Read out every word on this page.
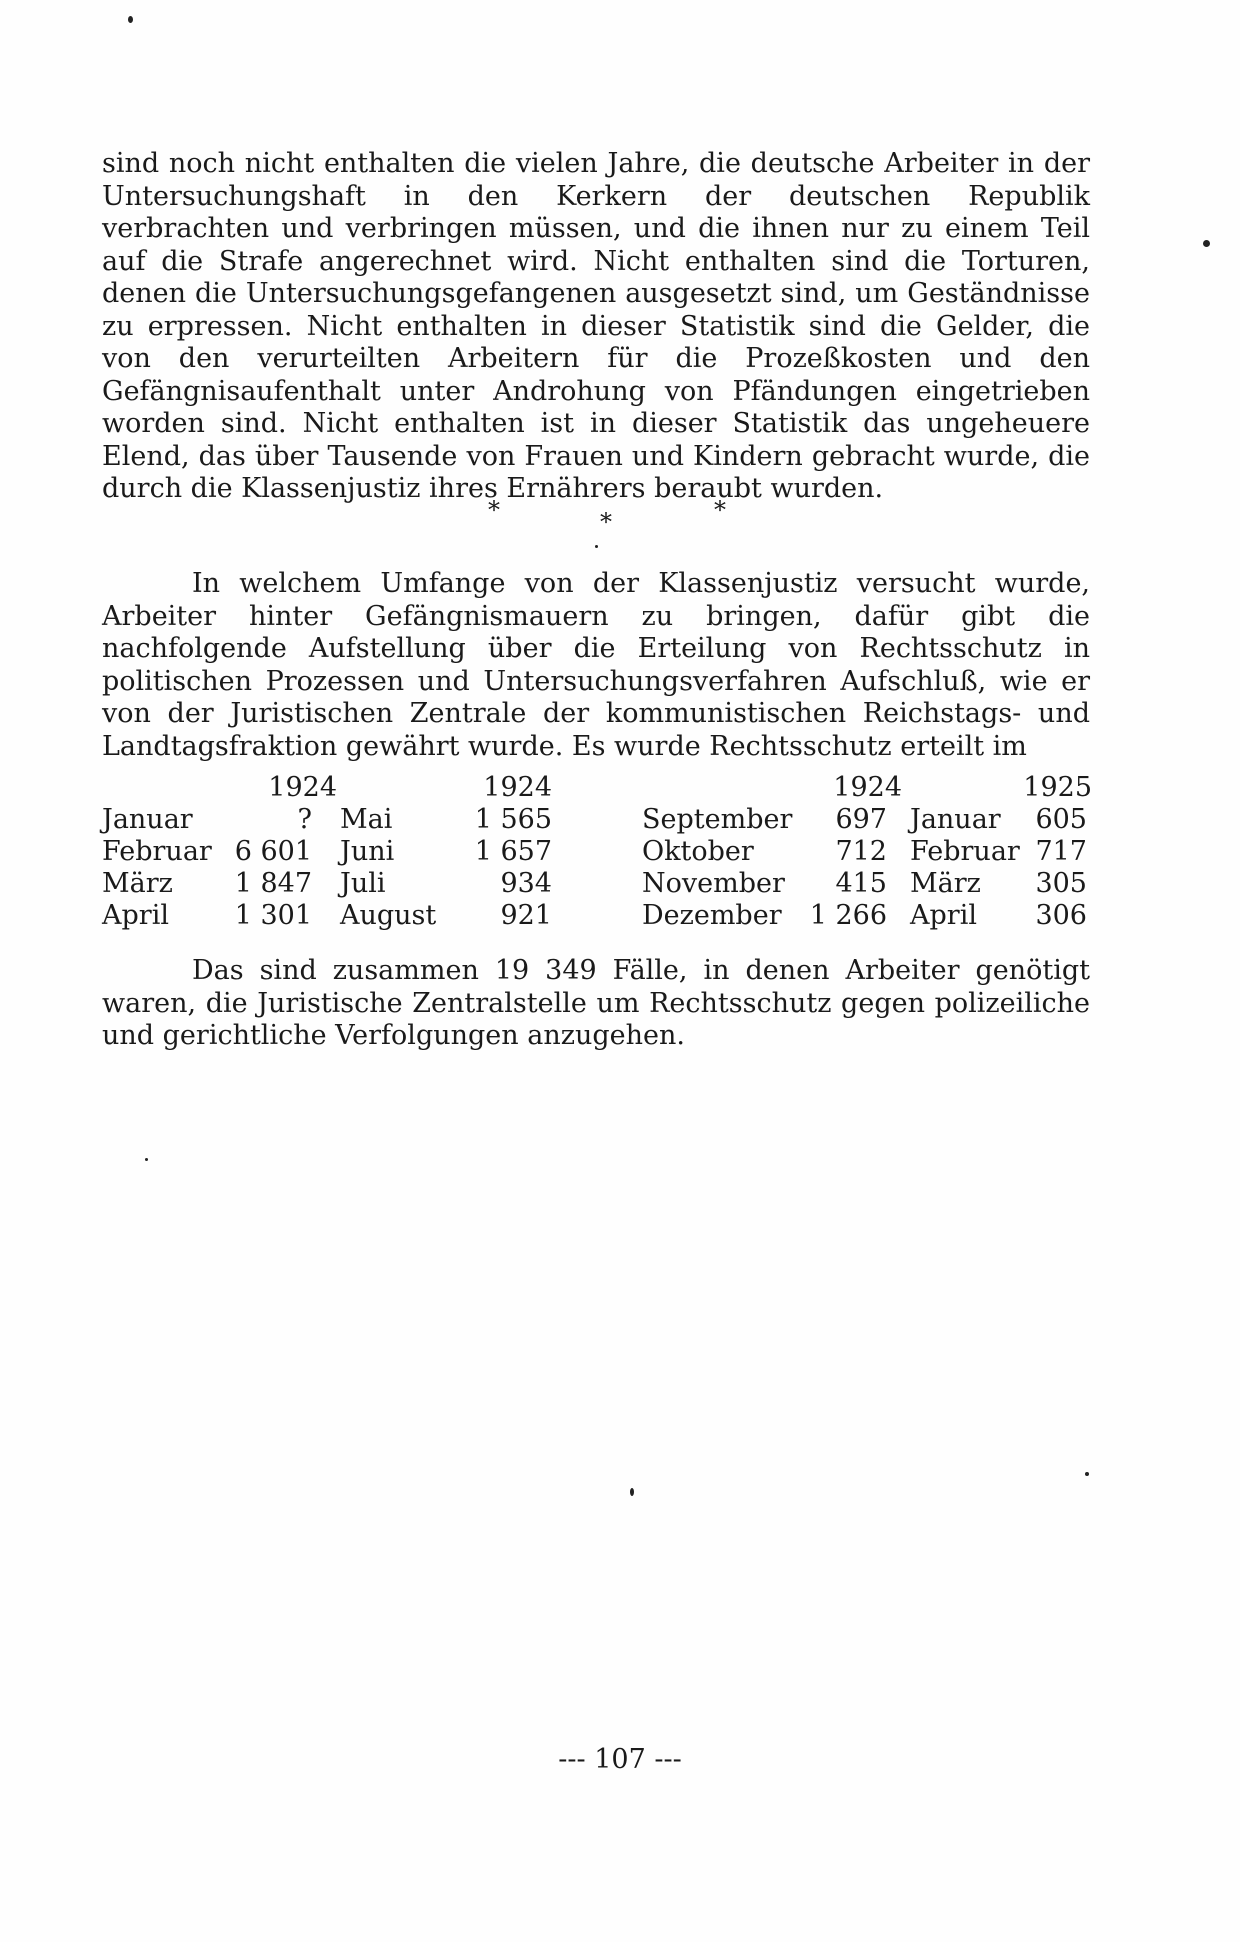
sind noch nicht enthalten die vielen Jahre, die deutsche Arbeiter in der Untersuchungshaft in den Kerkern der deutschen Republik verbrachten und verbringen müssen, und die ihnen nur zu einem Teil auf die Strafe angerechnet wird. Nicht enthalten sind die Torturen, denen die Untersuchungsgefangenen ausgesetzt sind, um Geständnisse zu erpressen. Nicht enthalten in dieser Statistik sind die Gelder, die von den verurteilten Arbeitern für die Prozeßkosten und den Gefängnisaufenthalt unter Androhung von Pfändungen eingetrieben worden sind. Nicht enthalten ist in dieser Statistik das ungeheuere Elend, das über Tausende von Frauen und Kindern gebracht wurde, die durch die Klassenjustiz ihres Ernährers beraubt wurden.

*	*	*

In welchem Umfange von der Klassenjustiz versucht wurde, Arbeiter hinter Gefängnismauern zu bringen, dafür gibt die nachfolgende Aufstellung über die Erteilung von Rechtsschutz in politischen Prozessen und Untersuchungsverfahren Aufschluß, wie er von der Juristischen Zentrale der kommunistischen Reichstags- und Landtagsfraktion gewährt wurde. Es wurde Rechtsschutz erteilt im

1924	1924	1924	1925
Januar	? Mai	1 565	September	697 Januar	605
Februar 6 601 Juni	1 657	Oktober	712 Februar 717
März	1 847 Juli	934	November	415 März	305
April	1 301 August	921	Dezember	1 266 April	306

Das sind zusammen 19 349 Fälle, in denen Arbeiter genötigt waren, die Juristische Zentralstelle um Rechtsschutz gegen polizeiliche und gerichtliche Verfolgungen anzugehen.

--- 107 ---
